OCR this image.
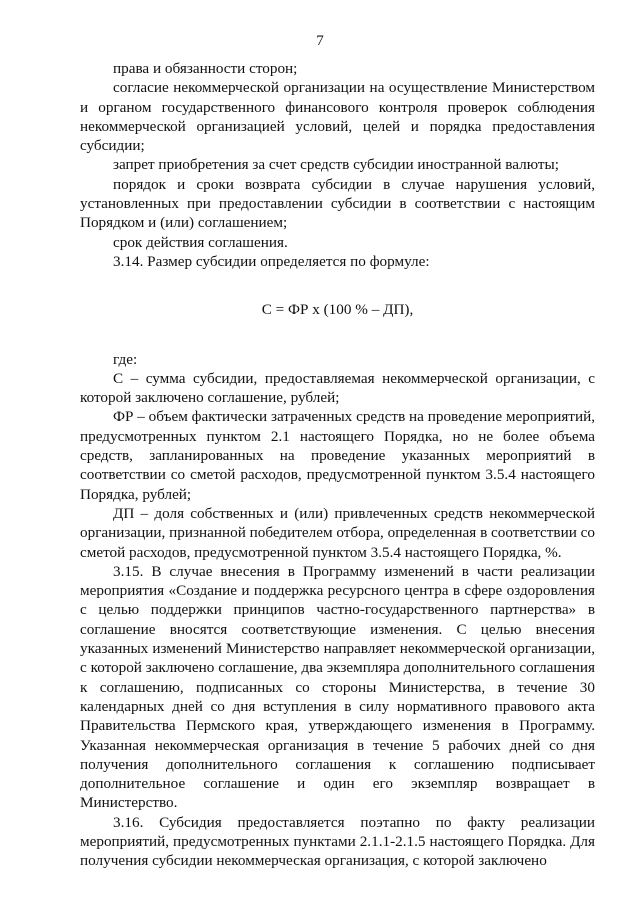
7

права и обязанности сторон;

согласие некоммерческой организации на осуществление Министерством и органом государственного финансового контроля проверок соблюдения некоммерческой организацией условий, целей и порядка предоставления субсидии;

запрет приобретения за счет средств субсидии иностранной валюты;

порядок и сроки возврата субсидии в случае нарушения условий, установленных при предоставлении субсидии в соответствии с настоящим Порядком и (или) соглашением;

срок действия соглашения.

3.14. Размер субсидии определяется по формуле:

С = ФР х (100 % – ДП),

где:

С – сумма субсидии, предоставляемая некоммерческой организации, с которой заключено соглашение, рублей;

ФР – объем фактически затраченных средств на проведение мероприятий, предусмотренных пунктом 2.1 настоящего Порядка, но не более объема средств, запланированных на проведение указанных мероприятий в соответствии со сметой расходов, предусмотренной пунктом 3.5.4 настоящего Порядка, рублей;

ДП – доля собственных и (или) привлеченных средств некоммерческой организации, признанной победителем отбора, определенная в соответствии со сметой расходов, предусмотренной пунктом 3.5.4 настоящего Порядка, %.

3.15. В случае внесения в Программу изменений в части реализации мероприятия «Создание и поддержка ресурсного центра в сфере оздоровления с целью поддержки принципов частно-государственного партнерства» в соглашение вносятся соответствующие изменения. С целью внесения указанных изменений Министерство направляет некоммерческой организации, с которой заключено соглашение, два экземпляра дополнительного соглашения к соглашению, подписанных со стороны Министерства, в течение 30 календарных дней со дня вступления в силу нормативного правового акта Правительства Пермского края, утверждающего изменения в Программу. Указанная некоммерческая организация в течение 5 рабочих дней со дня получения дополнительного соглашения к соглашению подписывает дополнительное соглашение и один его экземпляр возвращает в Министерство.

3.16. Субсидия предоставляется поэтапно по факту реализации мероприятий, предусмотренных пунктами 2.1.1-2.1.5 настоящего Порядка. Для получения субсидии некоммерческая организация, с которой заключено
